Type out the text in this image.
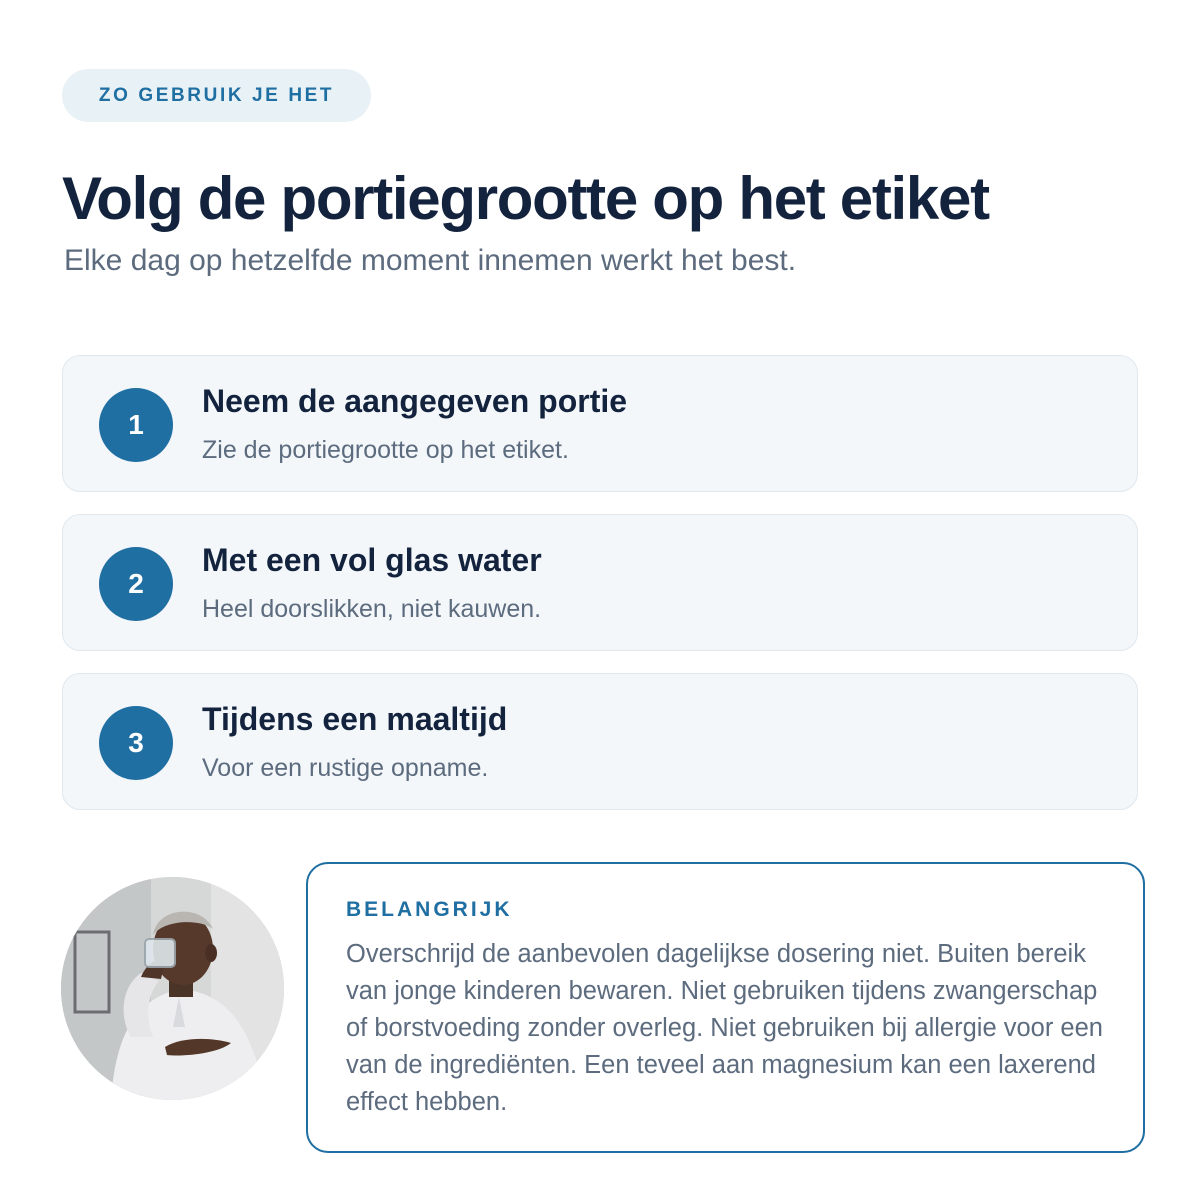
ZO GEBRUIK JE HET
Volg de portiegrootte op het etiket

Elke dag op hetzelfde moment innemen werkt het best.

1
Neem de aangegeven portie
Zie de portiegrootte op het etiket.
2
Met een vol glas water
Heel doorslikken, niet kauwen.
3
Tijdens een maaltijd
Voor een rustige opname.

BELANGRIJK

Overschrijd de aanbevolen dagelijkse dosering niet. Buiten bereik van jonge kinderen bewaren. Niet gebruiken tijdens zwangerschap of borstvoeding zonder overleg. Niet gebruiken bij allergie voor een van de ingrediënten. Een teveel aan magnesium kan een laxerend effect hebben.
